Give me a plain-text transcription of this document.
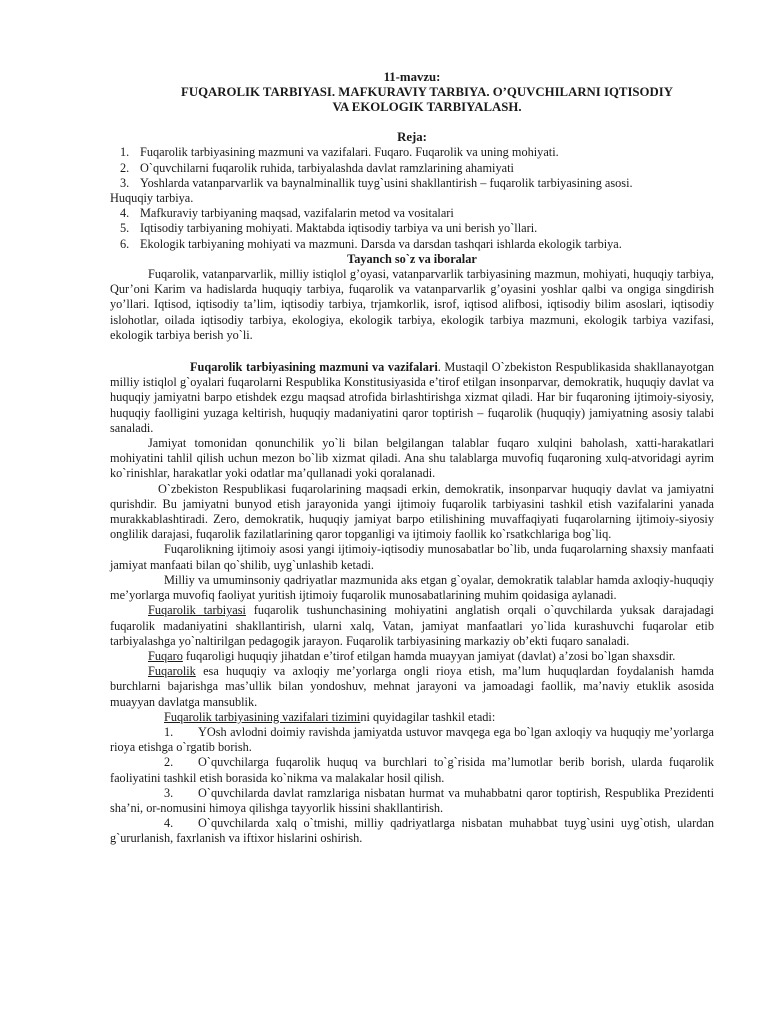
11-mavzu:
FUQAROLIK TARBIYASI. MAFKURAVIY TARBIYA. O’QUVCHILARNI IQTISODIY
VA EKOLOGIK TARBIYALASH.
Reja:
1. Fuqarolik tarbiyasining mazmuni va vazifalari. Fuqaro. Fuqarolik va uning mohiyati.
2. O`quvchilarni fuqarolik ruhida, tarbiyalashda davlat ramzlarining ahamiyati
3. Yoshlarda vatanparvarlik va baynalminallik tuyg`usini shakllantirish – fuqarolik tarbiyasining asosi.
Huquqiy tarbiya.
4. Mafkuraviy tarbiyaning maqsad, vazifalarin metod va vositalari
5. Iqtisodiy tarbiyaning mohiyati. Maktabda iqtisodiy tarbiya va uni berish yo`llari.
6. Ekologik tarbiyaning mohiyati va mazmuni. Darsda va darsdan tashqari ishlarda ekologik tarbiya.
Tayanch so`z va iboralar

Fuqarolik, vatanparvarlik, milliy istiqlol g’oyasi, vatanparvarlik tarbiyasining mazmun, mohiyati, huquqiy tarbiya, Qur’oni Karim va hadislarda huquqiy tarbiya, fuqarolik va vatanparvarlik g’oyasini yoshlar qalbi va ongiga singdirish yo’llari. Iqtisod, iqtisodiy ta’lim, iqtisodiy tarbiya, trjamkorlik, isrof, iqtisod alifbosi, iqtisodiy bilim asoslari, iqtisodiy islohotlar, oilada iqtisodiy tarbiya, ekologiya, ekologik tarbiya, ekologik tarbiya mazmuni, ekologik tarbiya vazifasi, ekologik tarbiya berish yo`li.

Fuqarolik tarbiyasining mazmuni va vazifalari. Mustaqil O`zbekiston Respublikasida shakllanayotgan milliy istiqlol g`oyalari fuqarolarni Respublika Konstitusiyasida e’tirof etilgan insonparvar, demokratik, huquqiy davlat va huquqiy jamiyatni barpo etishdek ezgu maqsad atrofida birlashtirishga xizmat qiladi. Har bir fuqaroning ijtimoiy-siyosiy, huquqiy faolligini yuzaga keltirish, huquqiy madaniyatini qaror toptirish – fuqarolik (huquqiy) jamiyatning asosiy talabi sanaladi.

Jamiyat tomonidan qonunchilik yo`li bilan belgilangan talablar fuqaro xulqini baholash, xatti-harakatlari mohiyatini tahlil qilish uchun mezon bo`lib xizmat qiladi. Ana shu talablarga muvofiq fuqaroning xulq-atvoridagi ayrim ko`rinishlar, harakatlar yoki odatlar ma’qullanadi yoki qoralanadi.

O`zbekiston Respublikasi fuqarolarining maqsadi erkin, demokratik, insonparvar huquqiy davlat va jamiyatni qurishdir. Bu jamiyatni bunyod etish jarayonida yangi ijtimoiy fuqarolik tarbiyasini tashkil etish vazifalarini yanada murakkablashtiradi. Zero, demokratik, huquqiy jamiyat barpo etilishining muvaffaqiyati fuqarolarning ijtimoiy-siyosiy onglilik darajasi, fuqarolik fazilatlarining qaror topganligi va ijtimoiy faollik ko`rsatkchlariga bog`liq.

Fuqarolikning ijtimoiy asosi yangi ijtimoiy-iqtisodiy munosabatlar bo`lib, unda fuqarolarning shaxsiy manfaati jamiyat manfaati bilan qo`shilib, uyg`unlashib ketadi.

Milliy va umuminsoniy qadriyatlar mazmunida aks etgan g`oyalar, demokratik talablar hamda axloqiy-huquqiy me’yorlarga muvofiq faoliyat yuritish ijtimoiy fuqarolik munosabatlarining muhim qoidasiga aylanadi.

Fuqarolik tarbiyasi fuqarolik tushunchasining mohiyatini anglatish orqali o`quvchilarda yuksak darajadagi fuqarolik madaniyatini shakllantirish, ularni xalq, Vatan, jamiyat manfaatlari yo`lida kurashuvchi fuqarolar etib tarbiyalashga yo`naltirilgan pedagogik jarayon. Fuqarolik tarbiyasining markaziy ob’ekti fuqaro sanaladi.

Fuqaro fuqaroligi huquqiy jihatdan e’tirof etilgan hamda muayyan jamiyat (davlat) a’zosi bo`lgan shaxsdir.

Fuqarolik esa huquqiy va axloqiy me’yorlarga ongli rioya etish, ma’lum huquqlardan foydalanish hamda burchlarni bajarishga mas’ullik bilan yondoshuv, mehnat jarayoni va jamoadagi faollik, ma’naviy etuklik asosida muayyan davlatga mansublik.

Fuqarolik tarbiyasining vazifalari tizimini quyidagilar tashkil etadi:

1. YOsh avlodni doimiy ravishda jamiyatda ustuvor mavqega ega bo`lgan axloqiy va huquqiy me’yorlarga rioya etishga o`rgatib borish.
2. O`quvchilarga fuqarolik huquq va burchlari to`g`risida ma’lumotlar berib borish, ularda fuqarolik faoliyatini tashkil etish borasida ko`nikma va malakalar hosil qilish.
3. O`quvchilarda davlat ramzlariga nisbatan hurmat va muhabbatni qaror toptirish, Respublika Prezidenti sha’ni, or-nomusini himoya qilishga tayyorlik hissini shakllantirish.
4. O`quvchilarda xalq o`tmishi, milliy qadriyatlarga nisbatan muhabbat tuyg`usini uyg`otish, ulardan g`ururlanish, faxrlanish va iftixor hislarini oshirish.
